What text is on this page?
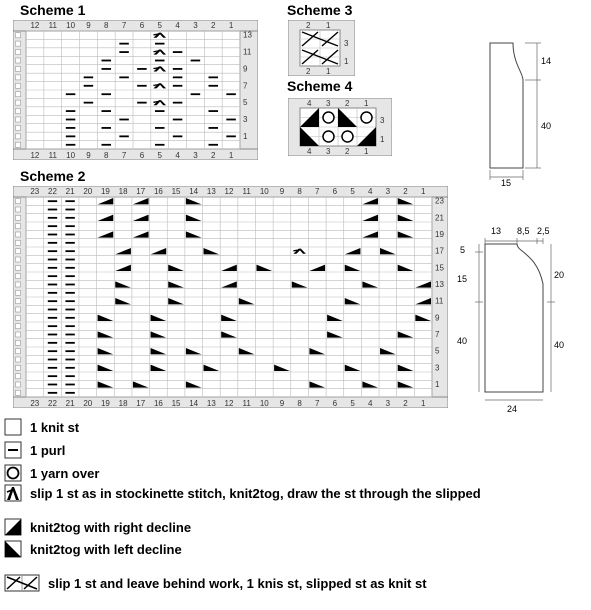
Scheme 1	Scheme 3
Scheme 4
Scheme 2
12
12
11
11
10
10
9
9
8
8
7
7
6
6
5
5
4
4
3
3
2
2
1
1
13
11
9
7
5
3
1
2 1
2 1
3
1
4 3 2 1
4 3 2 1
3
1
14
40
15
23
23
22
22
21
21
20
20
19
19
18
18
17
17
16
16
15
15
14
14
13
13
12
12
11
11
10
10
9
9
8
8
7
7
6
6
5
5
4
4
3
3
2
2
1
1
23
21
19
17
15
13
11
9
7
5
3
1
13 8,5 2,5
5
15	20
40	40
24
1 knit st
1 purl
1 yarn over
slip 1 st as in stockinette stitch, knit2tog, draw the st through the slipped
knit2tog with right decline
knit2tog with left decline
slip 1 st and leave behind work, 1 knis st, slipped st as knit st
